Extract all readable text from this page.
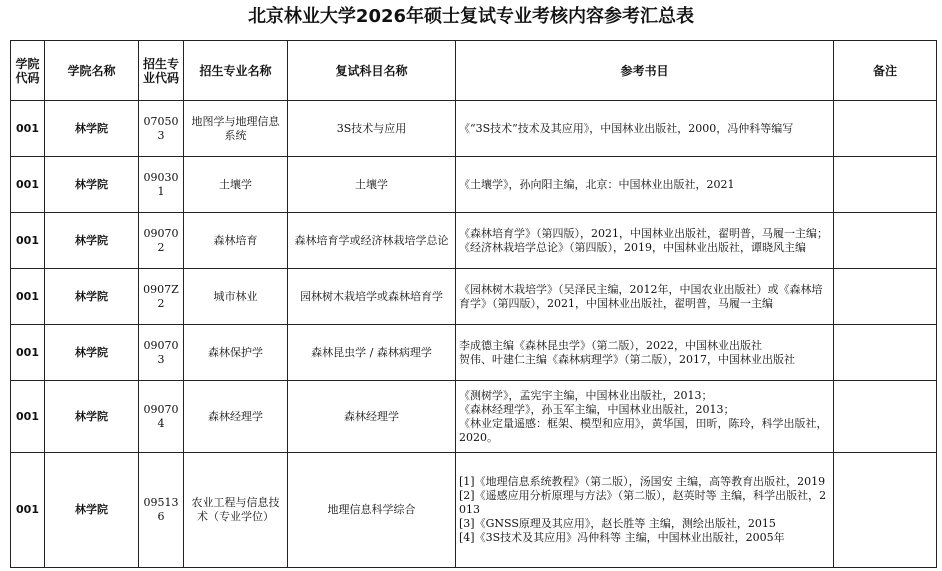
北京林业大学2026年硕士复试专业考核内容参考汇总表
学院代码	学院名称	招生专业代码	招生专业名称	复试科目名称	参考书目	备注
001	林学院	070503	地图学与地理信息系统	3S技术与应用	《“3S技术”技术及其应用》，中国林业出版社，2000，冯仲科等编写	

001	林学院	090301	土壤学	土壤学	《土壤学》，孙向阳主编，北京：中国林业出版社，2021	

001	林学院	090702	森林培育	森林培育学或经济林栽培学总论	《森林培育学》（第四版），2021，中国林业出版社，翟明普，马履一主编；《经济林栽培学总论》（第四版），2019，中国林业出版社，谭晓风主编	

001	林学院	0907Z2	城市林业	园林树木栽培学或森林培育学	《园林树木栽培学》（吴泽民主编，2012年，中国农业出版社）或《森林培育学》（第四版），2021，中国林业出版社，翟明普，马履一主编	

001	林学院	090703	森林保护学	森林昆虫学 / 森林病理学	李成德主编《森林昆虫学》（第二版），2022，中国林业出版社
贺伟、叶建仁主编《森林病理学》（第二版），2017，中国林业出版社	

001	林学院	090704	森林经理学	森林经理学	《测树学》，孟宪宇主编，中国林业出版社，2013；
《森林经理学》，孙玉军主编，中国林业出版社，2013；
《林业定量遥感：框架、模型和应用》，黄华国，田昕，陈玲，科学出版社，2020。	

001	林学院	095136	农业工程与信息技术（专业学位）	地理信息科学综合	[1]《地理信息系统教程》（第二版），汤国安 主编，高等教育出版社，2019
[2]《遥感应用分析原理与方法》（第二版），赵英时等 主编，科学出版社，2013
[3]《GNSS原理及其应用》，赵长胜等 主编，测绘出版社，2015
[4]《3S技术及其应用》冯仲科等 主编，中国林业出版社，2005年	
